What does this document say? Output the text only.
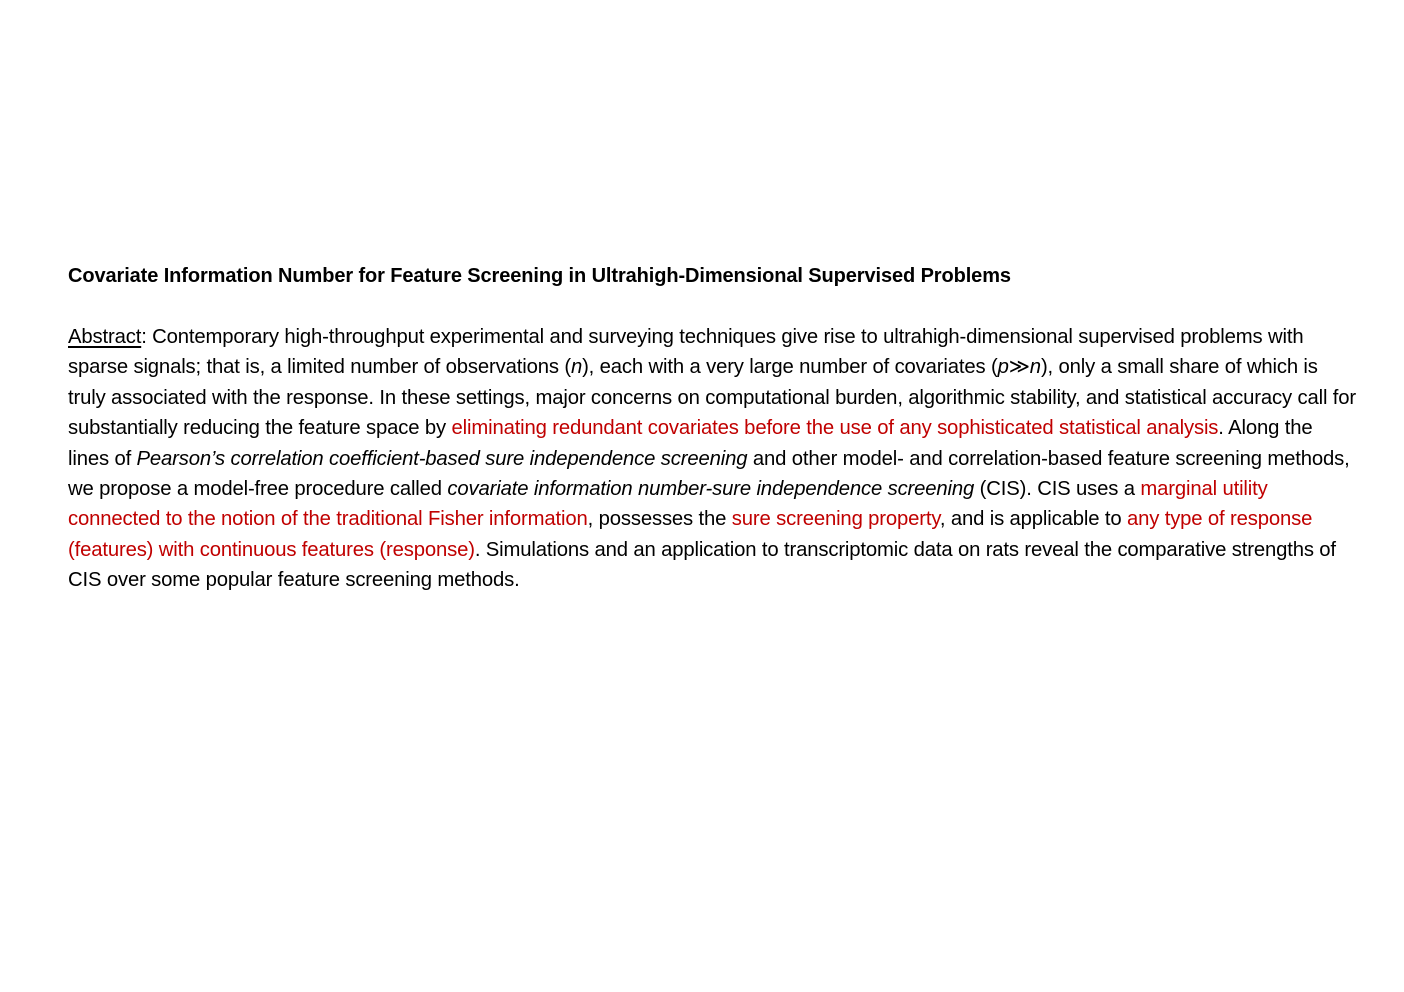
Covariate Information Number for Feature Screening in Ultrahigh-Dimensional Supervised Problems

Abstract: Contemporary high-throughput experimental and surveying techniques give rise to ultrahigh-dimensional supervised problems with sparse signals; that is, a limited number of observations (n), each with a very large number of covariates (p≫n), only a small share of which is truly associated with the response. In these settings, major concerns on computational burden, algorithmic stability, and statistical accuracy call for substantially reducing the feature space by eliminating redundant covariates before the use of any sophisticated statistical analysis. Along the lines of Pearson’s correlation coefficient-based sure independence screening and other model- and correlation-based feature screening methods, we propose a model-free procedure called covariate information number-sure independence screening (CIS). CIS uses a marginal utility connected to the notion of the traditional Fisher information, possesses the sure screening property, and is applicable to any type of response (features) with continuous features (response). Simulations and an application to transcriptomic data on rats reveal the comparative strengths of CIS over some popular feature screening methods.
